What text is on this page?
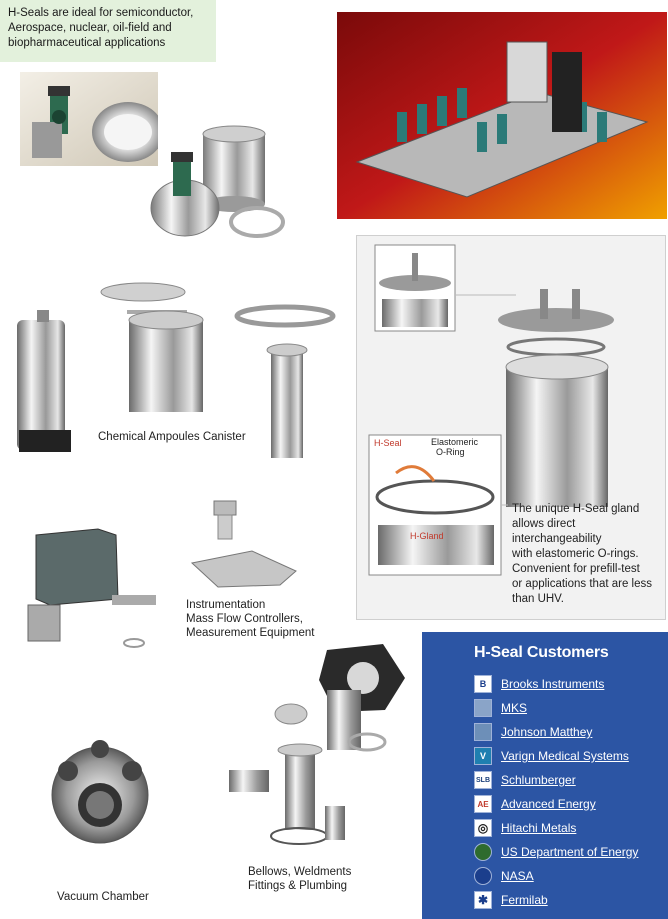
H-Seals are ideal for semiconductor,
Aerospace, nuclear, oil-field and
biopharmaceutical applications
Chemical Ampoules Canister	H-Seal	Elastomeric
O-Ring
H-Gland
The unique H-Seal gland
allows direct
interchangeability
with elastomeric O-rings.
Convenient for prefill-test
or applications that are less
than UHV.
Instrumentation
Mass Flow Controllers,
Measurement Equipment
Vacuum Chamber
Bellows, Weldments
Fittings & Plumbing
H-Seal Customers
B	Brooks Instruments
MKS
Johnson Matthey
V	Varign Medical Systems
SLB Schlumberger
AE Advanced Energy
◎	Hitachi Metals
US Department of Energy
NASA
✱	Fermilab
